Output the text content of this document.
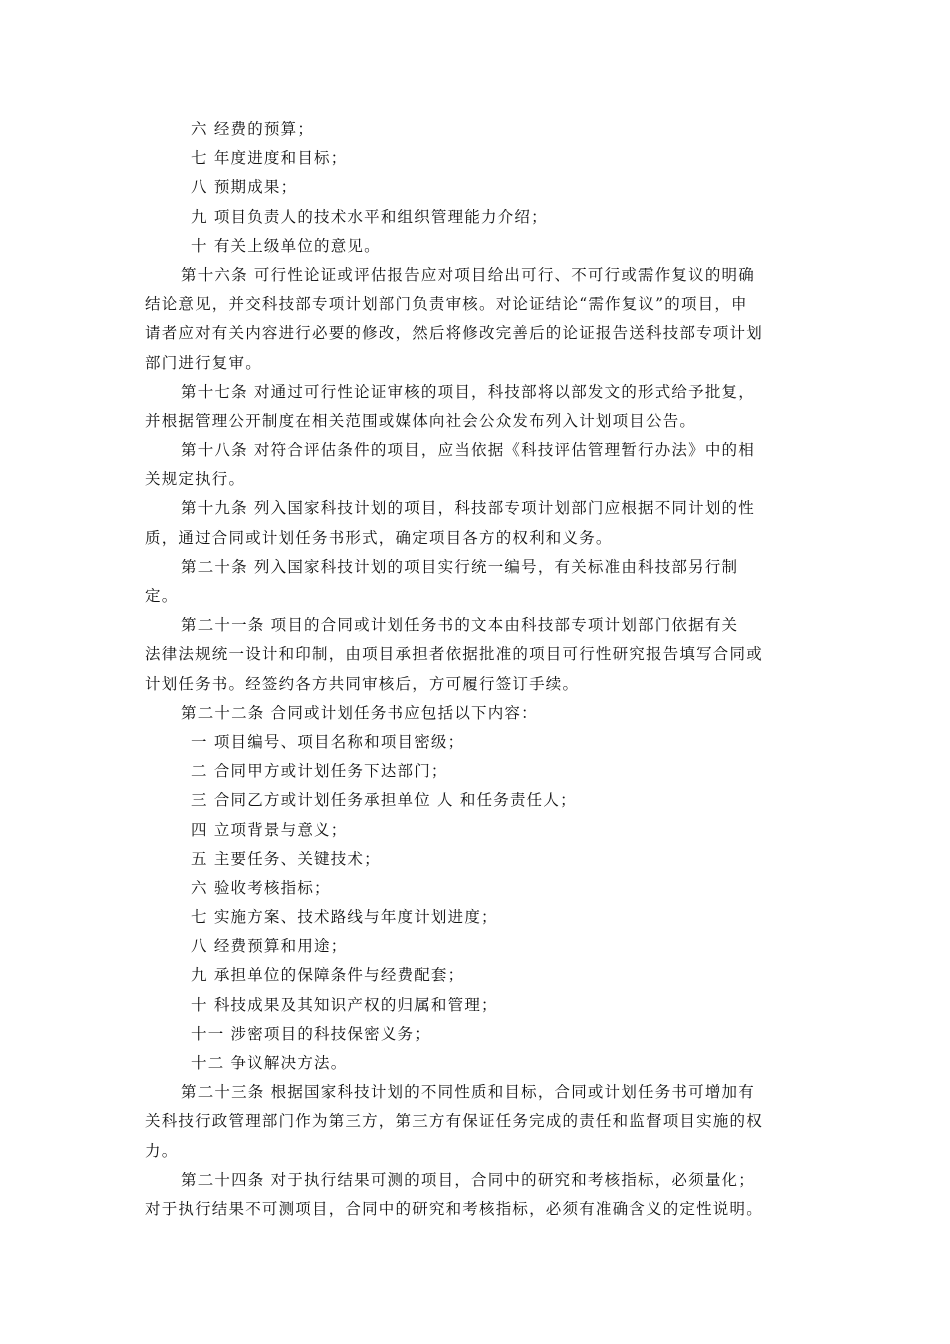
六 经费的预算；
七 年度进度和目标；
八 预期成果；
九 项目负责人的技术水平和组织管理能力介绍；
十 有关上级单位的意见。
第十六条 可行性论证或评估报告应对项目给出可行、不可行或需作复议的明确
结论意见，并交科技部专项计划部门负责审核。对论证结论“需作复议”的项目，申
请者应对有关内容进行必要的修改，然后将修改完善后的论证报告送科技部专项计划
部门进行复审。
第十七条 对通过可行性论证审核的项目，科技部将以部发文的形式给予批复，
并根据管理公开制度在相关范围或媒体向社会公众发布列入计划项目公告。
第十八条 对符合评估条件的项目，应当依据《科技评估管理暂行办法》中的相
关规定执行。
第十九条 列入国家科技计划的项目，科技部专项计划部门应根据不同计划的性
质，通过合同或计划任务书形式，确定项目各方的权利和义务。
第二十条 列入国家科技计划的项目实行统一编号，有关标准由科技部另行制
定。
第二十一条 项目的合同或计划任务书的文本由科技部专项计划部门依据有关
法律法规统一设计和印制，由项目承担者依据批准的项目可行性研究报告填写合同或
计划任务书。经签约各方共同审核后，方可履行签订手续。
第二十二条 合同或计划任务书应包括以下内容：
一 项目编号、项目名称和项目密级；
二 合同甲方或计划任务下达部门；
三 合同乙方或计划任务承担单位 人 和任务责任人；
四 立项背景与意义；
五 主要任务、关键技术；
六 验收考核指标；
七 实施方案、技术路线与年度计划进度；
八 经费预算和用途；
九 承担单位的保障条件与经费配套；
十 科技成果及其知识产权的归属和管理；
十一 涉密项目的科技保密义务；
十二 争议解决方法。
第二十三条 根据国家科技计划的不同性质和目标，合同或计划任务书可增加有
关科技行政管理部门作为第三方，第三方有保证任务完成的责任和监督项目实施的权
力。
第二十四条 对于执行结果可测的项目，合同中的研究和考核指标，必须量化；
对于执行结果不可测项目，合同中的研究和考核指标，必须有准确含义的定性说明。
